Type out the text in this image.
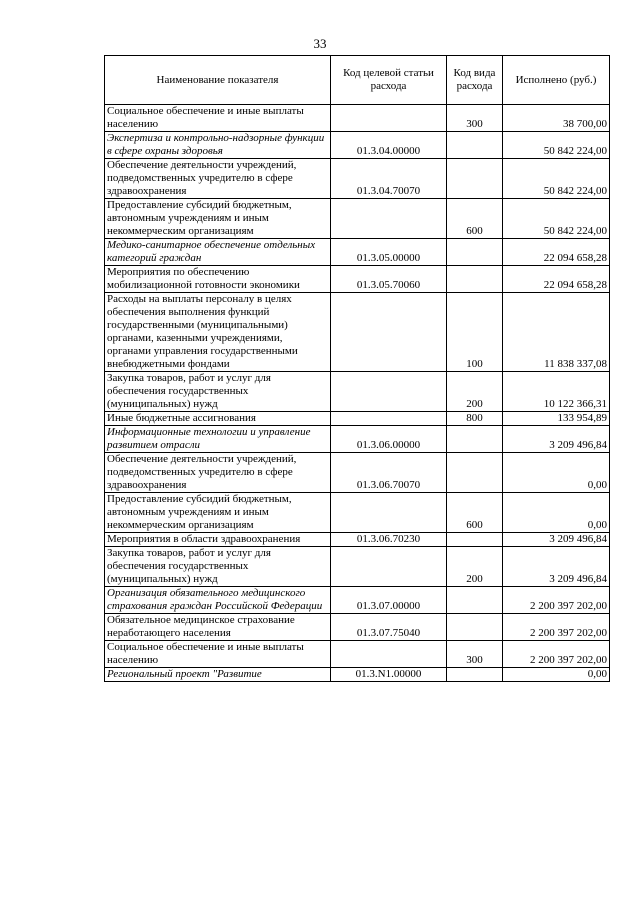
33
Наименование показателя	Код целевой статьи расхода	Код вида расхода	Исполнено (руб.)
Социальное обеспечение и иные выплаты населению		300	38 700,00
Экспертиза и контрольно-надзорные функции в сфере охраны здоровья	01.3.04.00000		50 842 224,00
Обеспечение деятельности учреждений, подведомственных учредителю в сфере здравоохранения	01.3.04.70070		50 842 224,00
Предоставление субсидий бюджетным, автономным учреждениям и иным некоммерческим организациям		600	50 842 224,00
Медико-санитарное обеспечение отдельных категорий граждан	01.3.05.00000		22 094 658,28
Мероприятия по обеспечению мобилизационной готовности экономики	01.3.05.70060		22 094 658,28
Расходы на выплаты персоналу в целях обеспечения выполнения функций государственными (муниципальными) органами, казенными учреждениями, органами управления государственными внебюджетными фондами		100	11 838 337,08
Закупка товаров, работ и услуг для обеспечения государственных (муниципальных) нужд		200	10 122 366,31
Иные бюджетные ассигнования		800	133 954,89
Информационные технологии и управление развитием отрасли	01.3.06.00000		3 209 496,84
Обеспечение деятельности учреждений, подведомственных учредителю в сфере здравоохранения	01.3.06.70070		0,00
Предоставление субсидий бюджетным, автономным учреждениям и иным некоммерческим организациям		600	0,00
Мероприятия в области здравоохранения	01.3.06.70230		3 209 496,84
Закупка товаров, работ и услуг для обеспечения государственных (муниципальных) нужд		200	3 209 496,84
Организация обязательного медицинского страхования граждан Российской Федерации	01.3.07.00000		2 200 397 202,00
Обязательное медицинское страхование неработающего населения	01.3.07.75040		2 200 397 202,00
Социальное обеспечение и иные выплаты населению		300	2 200 397 202,00
Региональный проект "Развитие	01.3.N1.00000		0,00
